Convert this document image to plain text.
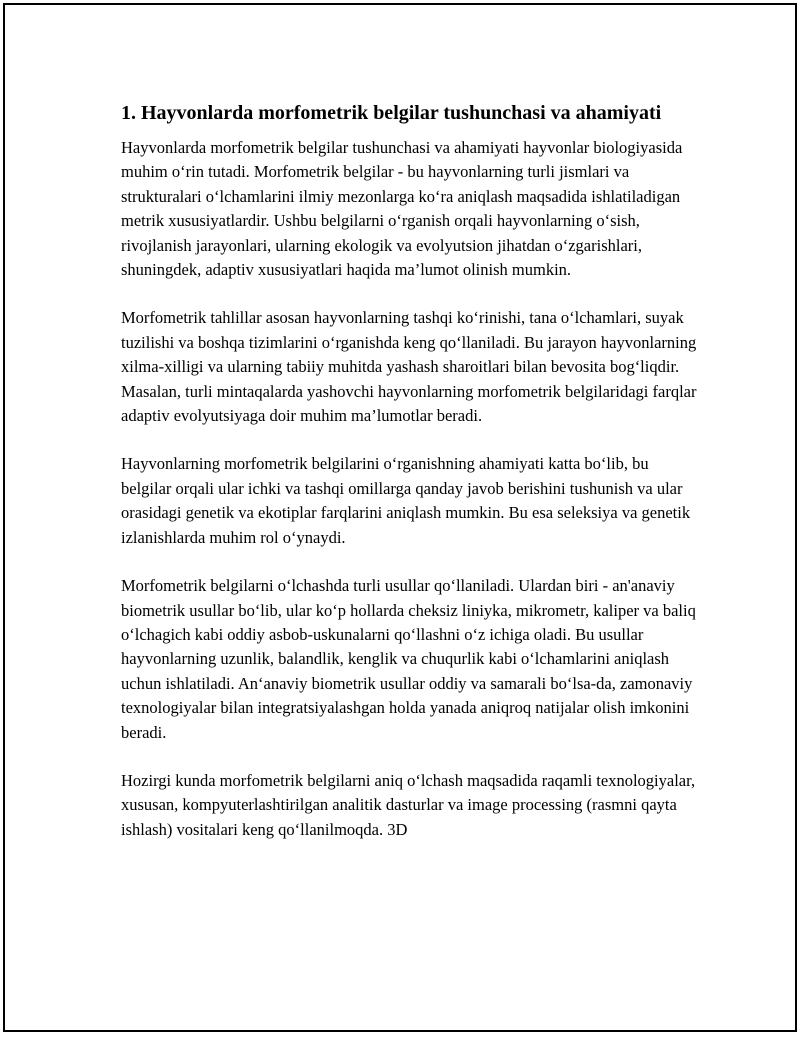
1. Hayvonlarda morfometrik belgilar tushunchasi va ahamiyati

Hayvonlarda morfometrik belgilar tushunchasi va ahamiyati hayvonlar biologiyasida muhim o‘rin tutadi. Morfometrik belgilar - bu hayvonlarning turli jismlari va strukturalari o‘lchamlarini ilmiy mezonlarga ko‘ra aniqlash maqsadida ishlatiladigan metrik xususiyatlardir. Ushbu belgilarni o‘rganish orqali hayvonlarning o‘sish, rivojlanish jarayonlari, ularning ekologik va evolyutsion jihatdan o‘zgarishlari, shuningdek, adaptiv xususiyatlari haqida ma’lumot olinish mumkin.

Morfometrik tahlillar asosan hayvonlarning tashqi ko‘rinishi, tana o‘lchamlari, suyak tuzilishi va boshqa tizimlarini o‘rganishda keng qo‘llaniladi. Bu jarayon hayvonlarning xilma-xilligi va ularning tabiiy muhitda yashash sharoitlari bilan bevosita bog‘liqdir. Masalan, turli mintaqalarda yashovchi hayvonlarning morfometrik belgilaridagi farqlar adaptiv evolyutsiyaga doir muhim ma’lumotlar beradi.

Hayvonlarning morfometrik belgilarini o‘rganishning ahamiyati katta bo‘lib, bu belgilar orqali ular ichki va tashqi omillarga qanday javob berishini tushunish va ular orasidagi genetik va ekotiplar farqlarini aniqlash mumkin. Bu esa seleksiya va genetik izlanishlarda muhim rol o‘ynaydi.

Morfometrik belgilarni o‘lchashda turli usullar qo‘llaniladi. Ulardan biri - an'anaviy biometrik usullar bo‘lib, ular ko‘p hollarda cheksiz liniyka, mikrometr, kaliper va baliq o‘lchagich kabi oddiy asbob-uskunalarni qo‘llashni o‘z ichiga oladi. Bu usullar hayvonlarning uzunlik, balandlik, kenglik va chuqurlik kabi o‘lchamlarini aniqlash uchun ishlatiladi. An‘anaviy biometrik usullar oddiy va samarali bo‘lsa-da, zamonaviy texnologiyalar bilan integratsiyalashgan holda yanada aniqroq natijalar olish imkonini beradi.

Hozirgi kunda morfometrik belgilarni aniq o‘lchash maqsadida raqamli texnologiyalar, xususan, kompyuterlashtirilgan analitik dasturlar va image processing (rasmni qayta ishlash) vositalari keng qo‘llanilmoqda. 3D
